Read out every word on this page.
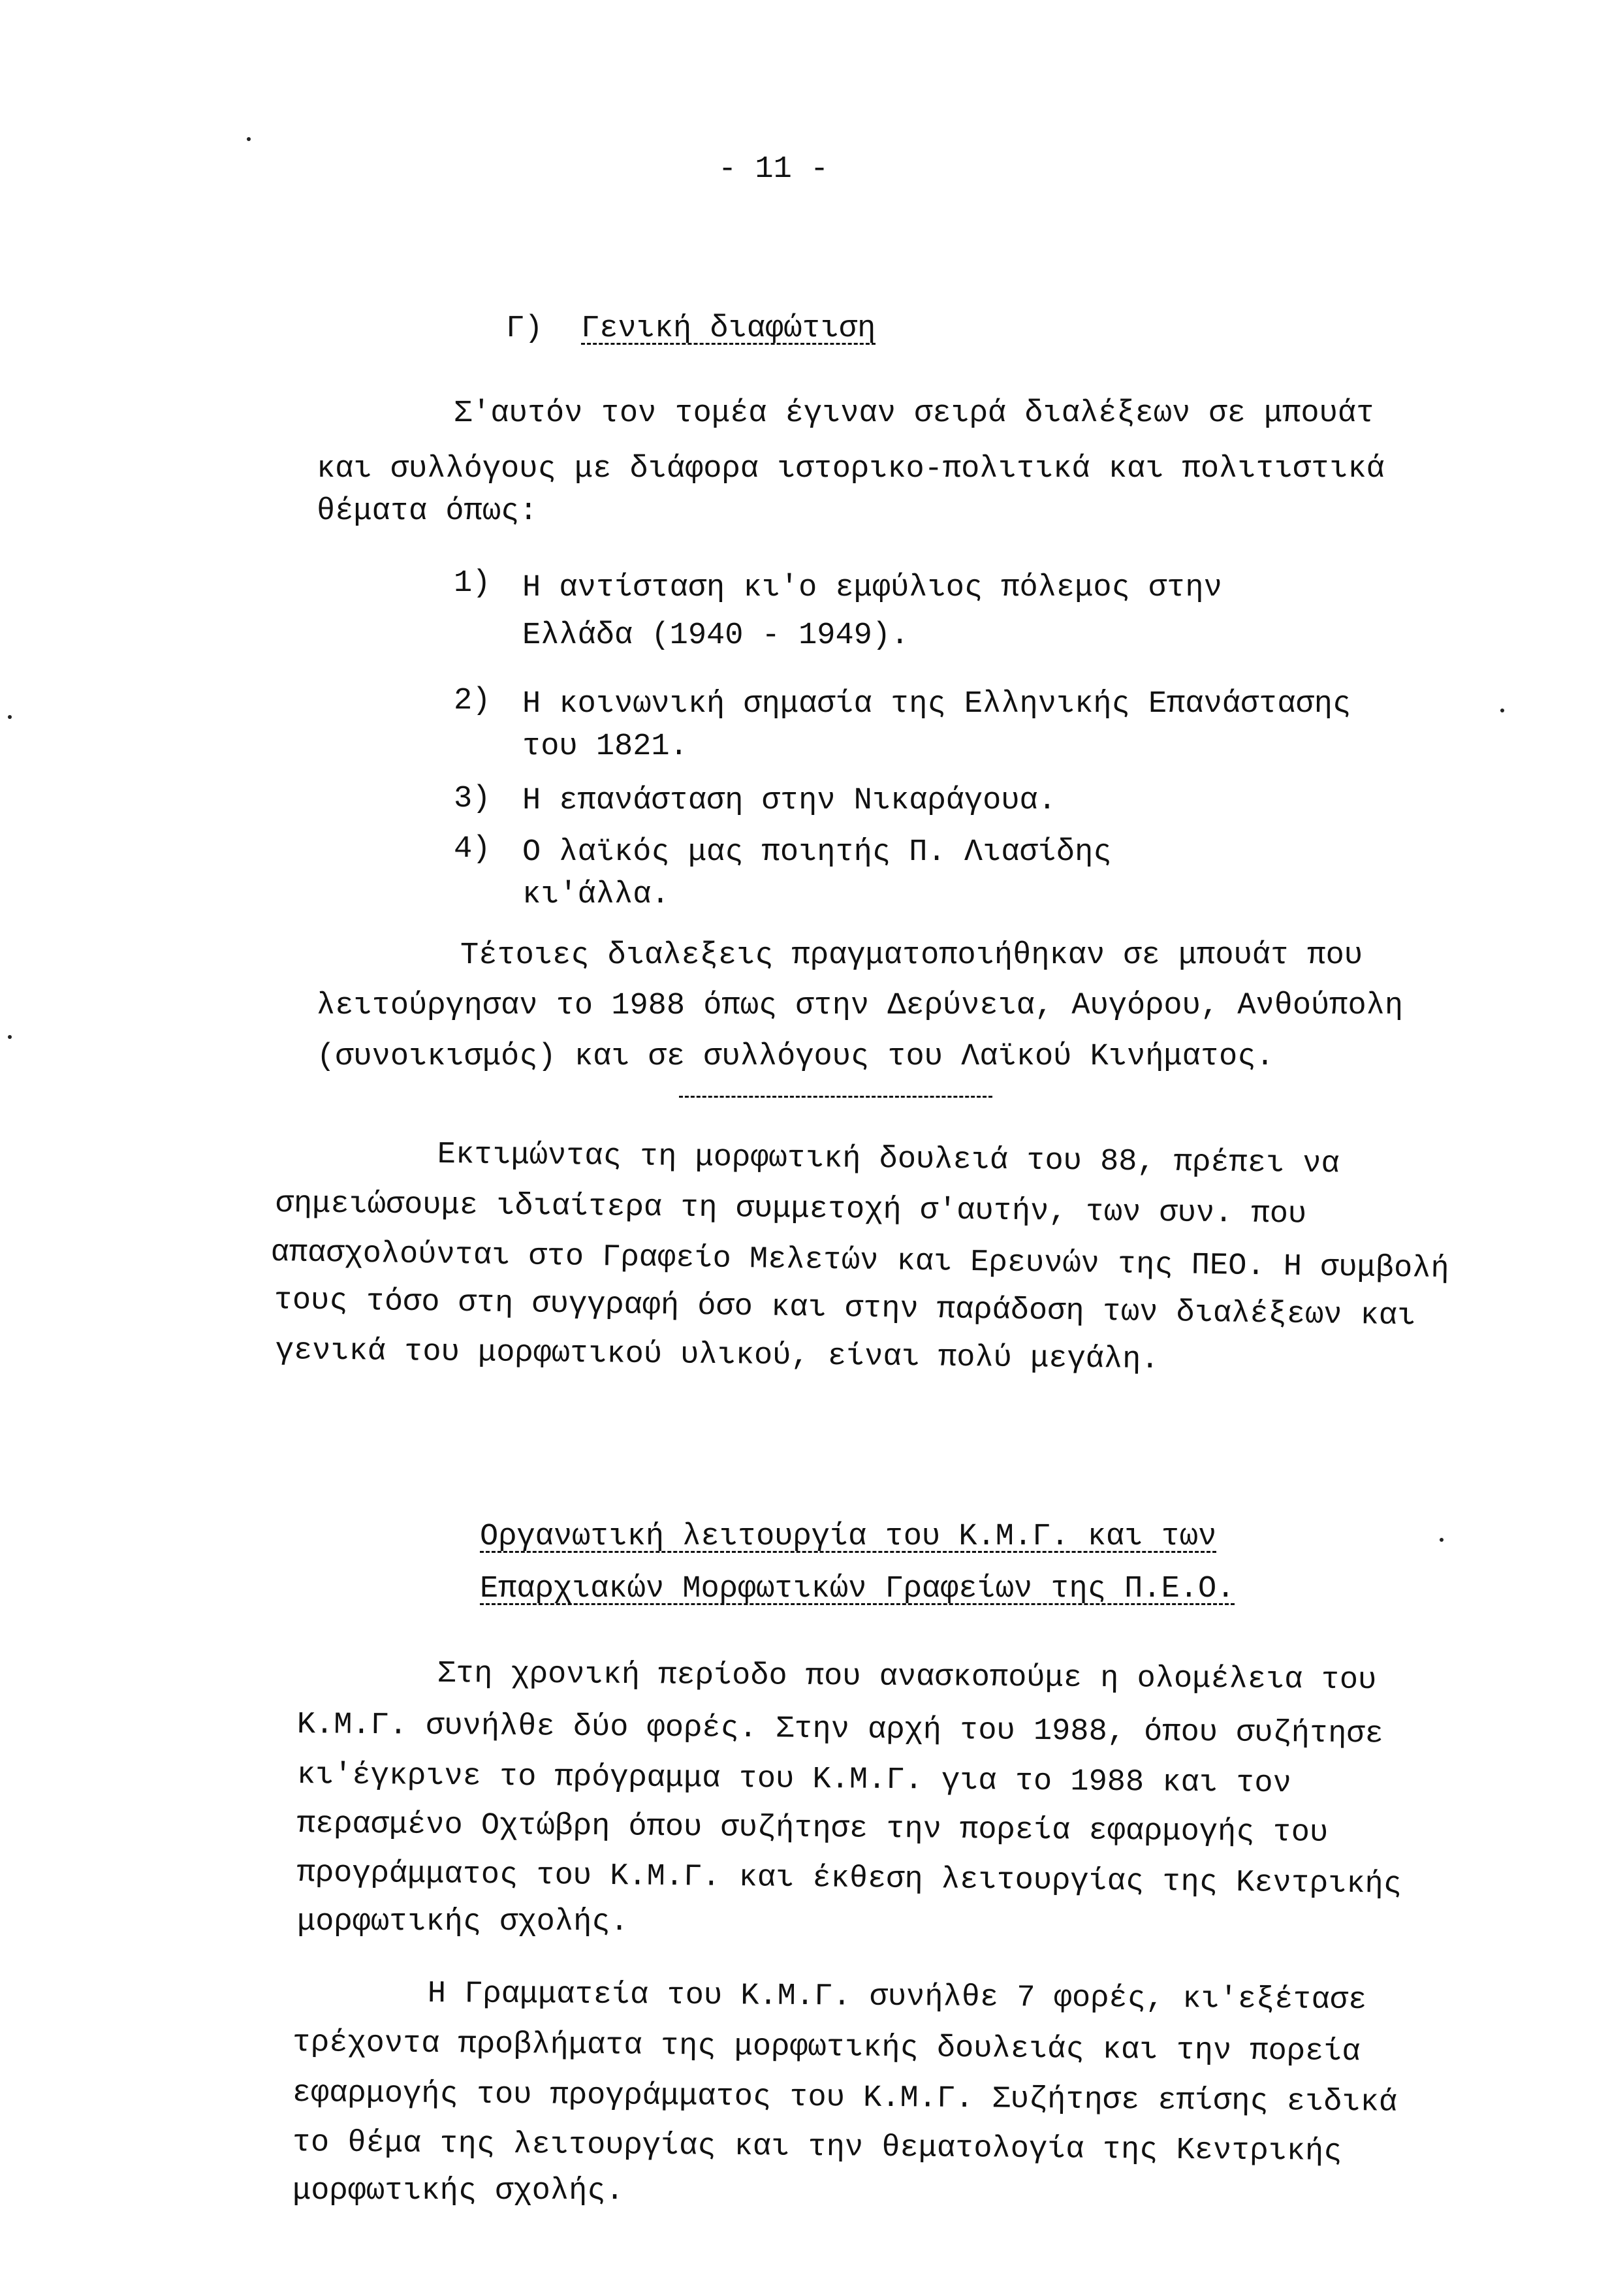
- 11 -
Γ) Γενική διαφώτιση
Σ'αυτόν τον τομέα έγιναν σειρά διαλέξεων σε μπουάτ
και συλλόγους με διάφορα ιστορικο-πολιτικά και πολιτιστικά
θέματα όπως:
1) Η αντίσταση κι'ο εμφύλιος πόλεμος στην
Ελλάδα (1940 - 1949).
2) Η κοινωνική σημασία της Ελληνικής Επανάστασης
του 1821.
3) Η επανάσταση στην Νικαράγουα.
4) Ο λαϊκός μας ποιητής Π. Λιασίδης
κι'άλλα.
Τέτοιες διαλεξεις πραγματοποιήθηκαν σε μπουάτ που
λειτούργησαν το 1988 όπως στην Δερύνεια, Αυγόρου, Ανθούπολη
(συνοικισμός) και σε συλλόγους του Λαϊκού Κινήματος.
Εκτιμώντας τη μορφωτική δουλειά του 88, πρέπει να
σημειώσουμε ιδιαίτερα τη συμμετοχή σ'αυτήν, των συν. που
απασχολούνται στο Γραφείο Μελετών και Ερευνών της ΠΕΟ. Η συμβολή
τους τόσο στη συγγραφή όσο και στην παράδοση των διαλέξεων και
γενικά του μορφωτικού υλικού, είναι πολύ μεγάλη.
Οργανωτική λειτουργία του Κ.Μ.Γ. και των
Επαρχιακών Μορφωτικών Γραφείων της Π.Ε.Ο.
Στη χρονική περίοδο που ανασκοπούμε η ολομέλεια του
Κ.Μ.Γ. συνήλθε δύο φορές. Στην αρχή του 1988, όπου συζήτησε
κι'έγκρινε το πρόγραμμα του Κ.Μ.Γ. για το 1988 και τον
περασμένο Οχτώβρη όπου συζήτησε την πορεία εφαρμογής του
προγράμματος του Κ.Μ.Γ. και έκθεση λειτουργίας της Κεντρικής
μορφωτικής σχολής.
Η Γραμματεία του Κ.Μ.Γ. συνήλθε 7 φορές, κι'εξέτασε
τρέχοντα προβλήματα της μορφωτικής δουλειάς και την πορεία
εφαρμογής του προγράμματος του Κ.Μ.Γ. Συζήτησε επίσης ειδικά
το θέμα της λειτουργίας και την θεματολογία της Κεντρικής
μορφωτικής σχολής.
